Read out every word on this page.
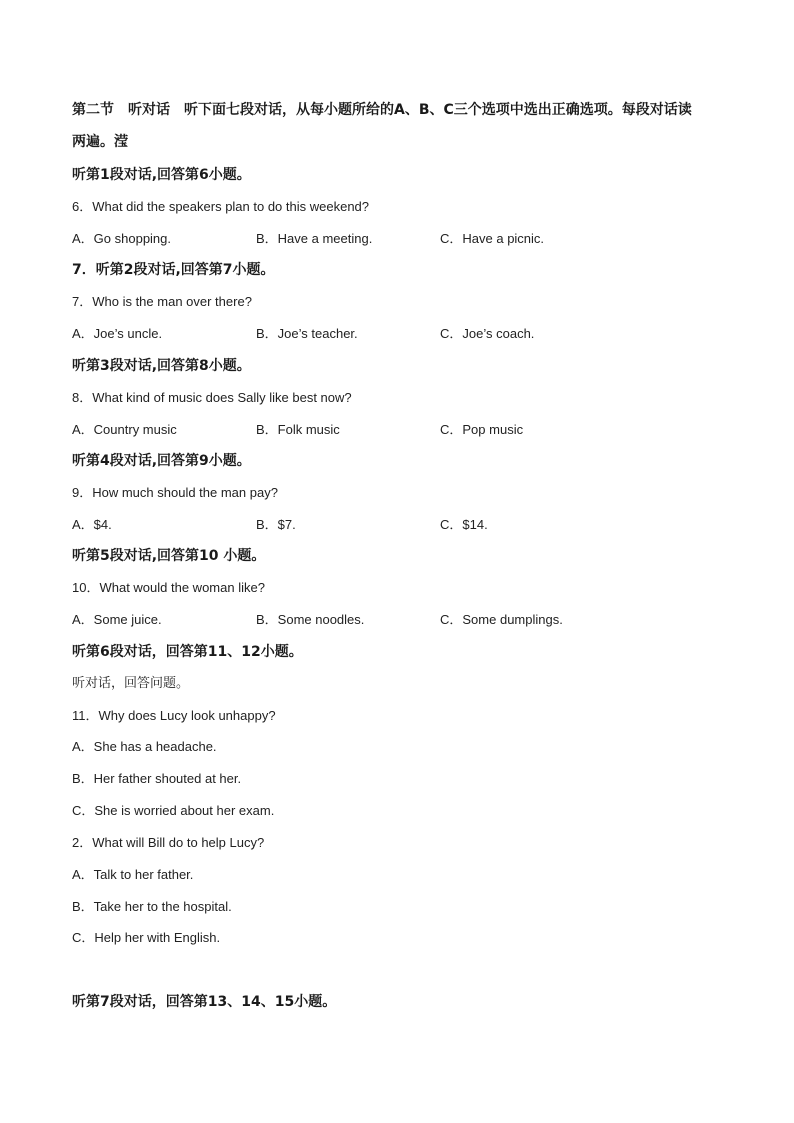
第二节　听对话　听下面七段对话，从每小题所给的A、B、C三个选项中选出正确选项。每段对话读
两遍。滢
听第1段对话,回答第6小题。
6．What did the speakers plan to do this weekend?
A．Go shopping.	B．Have a meeting.	C．Have a picnic.
7．听第2段对话,回答第7小题。
7．Who is the man over there?
A．Joe’s uncle.	B．Joe’s teacher.	C．Joe’s coach.
听第3段对话,回答第8小题。
8．What kind of music does Sally like best now?
A．Country music	B．Folk music	C．Pop music
听第4段对话,回答第9小题。
9．How much should the man pay?
A．$4.	B．$7.	C．$14.
听第5段对话,回答第10 小题。
10．What would the woman like?
A．Some juice.	B．Some noodles.	C．Some dumplings.
听第6段对话，回答第11、12小题。
听对话，回答问题。
11．Why does Lucy look unhappy?
A．She has a headache.
B．Her father shouted at her.
C．She is worried about her exam.
2．What will Bill do to help Lucy?
A．Talk to her father.
B．Take her to the hospital.
C．Help her with English.
听第7段对话，回答第13、14、15小题。
